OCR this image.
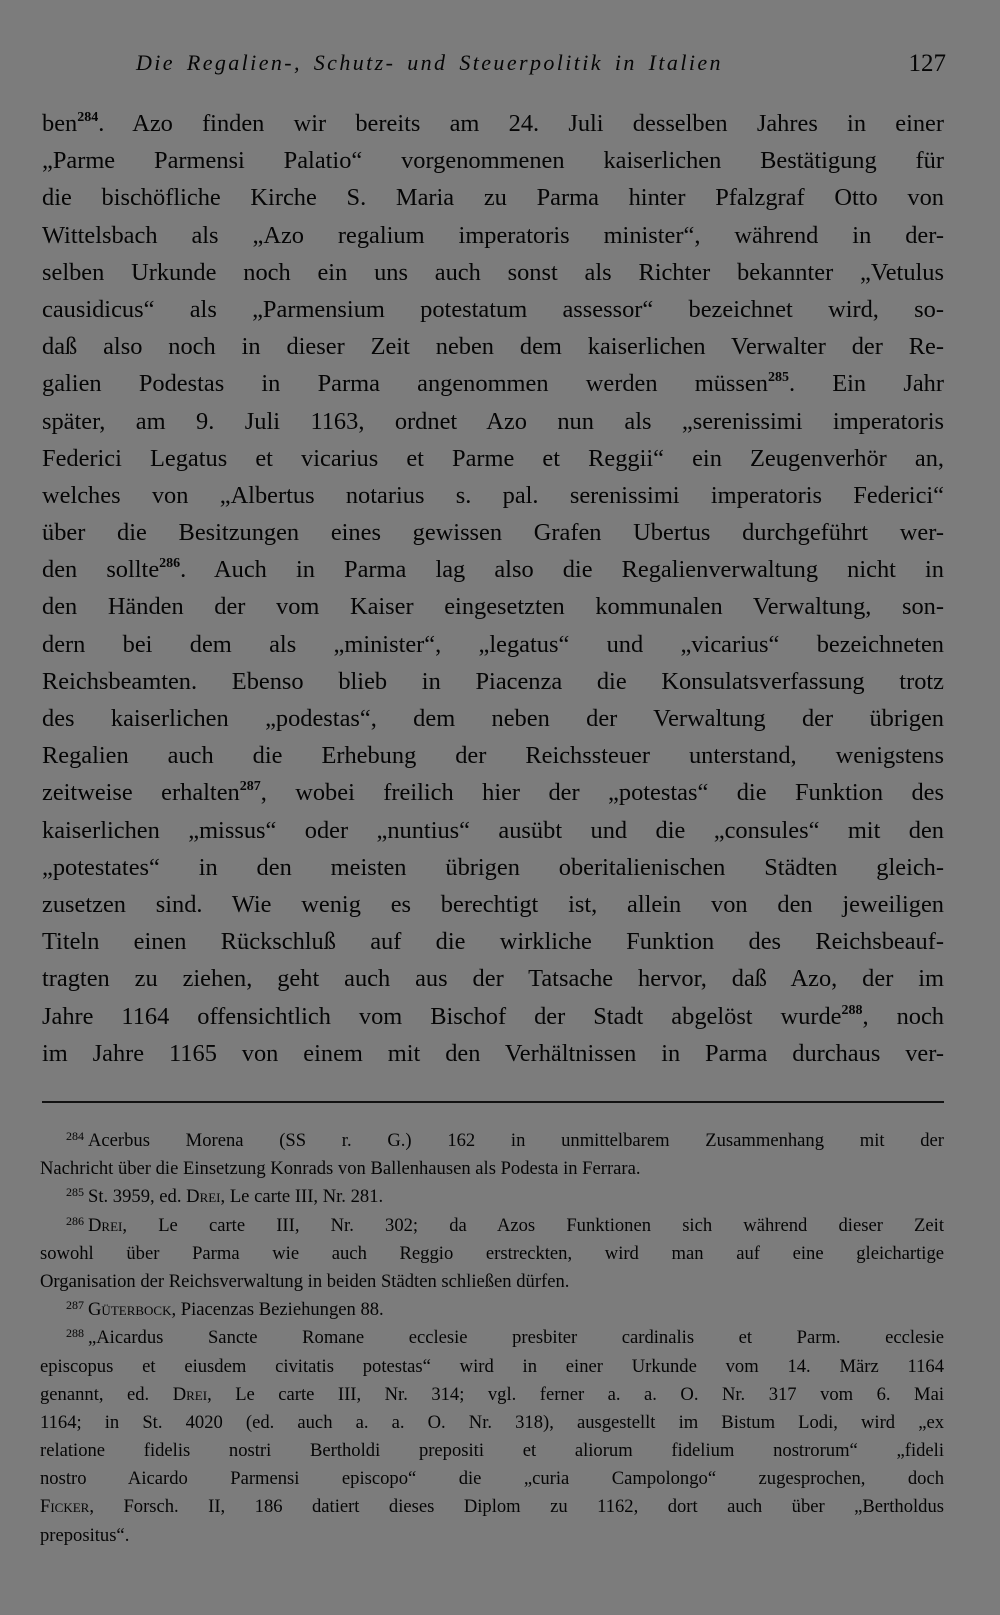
Die Regalien-, Schutz- und Steuerpolitik in Italien	127
ben$^{284}$. Azo finden wir bereits am 24. Juli desselben Jahres in einer
„Parme Parmensi Palatio“ vorgenommenen kaiserlichen Bestätigung für
die bischöfliche Kirche S. Maria zu Parma hinter Pfalzgraf Otto von
Wittelsbach als „Azo regalium imperatoris minister“, während in der-
selben Urkunde noch ein uns auch sonst als Richter bekannter „Vetulus
causidicus“ als „Parmensium potestatum assessor“ bezeichnet wird, so-
daß also noch in dieser Zeit neben dem kaiserlichen Verwalter der Re-
galien Podestas in Parma angenommen werden müssen$^{285}$. Ein Jahr
später, am 9. Juli 1163, ordnet Azo nun als „serenissimi imperatoris
Federici Legatus et vicarius et Parme et Reggii“ ein Zeugenverhör an,
welches von „Albertus notarius s. pal. serenissimi imperatoris Federici“
über die Besitzungen eines gewissen Grafen Ubertus durchgeführt wer-
den sollte$^{286}$. Auch in Parma lag also die Regalienverwaltung nicht in
den Händen der vom Kaiser eingesetzten kommunalen Verwaltung, son-
dern bei dem als „minister“, „legatus“ und „vicarius“ bezeichneten
Reichsbeamten. Ebenso blieb in Piacenza die Konsulatsverfassung trotz
des kaiserlichen „podestas“, dem neben der Verwaltung der übrigen
Regalien auch die Erhebung der Reichssteuer unterstand, wenigstens
zeitweise erhalten$^{287}$, wobei freilich hier der „potestas“ die Funktion des
kaiserlichen „missus“ oder „nuntius“ ausübt und die „consules“ mit den
„potestates“ in den meisten übrigen oberitalienischen Städten gleich-
zusetzen sind. Wie wenig es berechtigt ist, allein von den jeweiligen
Titeln einen Rückschluß auf die wirkliche Funktion des Reichsbeauf-
tragten zu ziehen, geht auch aus der Tatsache hervor, daß Azo, der im
Jahre 1164 offensichtlich vom Bischof der Stadt abgelöst wurde$^{288}$, noch
im Jahre 1165 von einem mit den Verhältnissen in Parma durchaus ver-
$^{284}$ Acerbus Morena (SS r. G.) 162 in unmittelbarem Zusammenhang mit der
Nachricht über die Einsetzung Konrads von Ballenhausen als Podesta in Ferrara.
$^{285}$ St. 3959, ed. Drei, Le carte III, Nr. 281.
$^{286}$ Drei, Le carte III, Nr. 302; da Azos Funktionen sich während dieser Zeit
sowohl über Parma wie auch Reggio erstreckten, wird man auf eine gleichartige
Organisation der Reichsverwaltung in beiden Städten schließen dürfen.
$^{287}$ Güterbock, Piacenzas Beziehungen 88.
$^{288}$ „Aicardus Sancte Romane ecclesie presbiter cardinalis et Parm. ecclesie
episcopus et eiusdem civitatis potestas“ wird in einer Urkunde vom 14. März 1164
genannt, ed. Drei, Le carte III, Nr. 314; vgl. ferner a. a. O. Nr. 317 vom 6. Mai
1164; in St. 4020 (ed. auch a. a. O. Nr. 318), ausgestellt im Bistum Lodi, wird „ex
relatione fidelis nostri Bertholdi prepositi et aliorum fidelium nostrorum“ „fideli
nostro Aicardo Parmensi episcopo“ die „curia Campolongo“ zugesprochen, doch
Ficker, Forsch. II, 186 datiert dieses Diplom zu 1162, dort auch über „Bertholdus
prepositus“.
